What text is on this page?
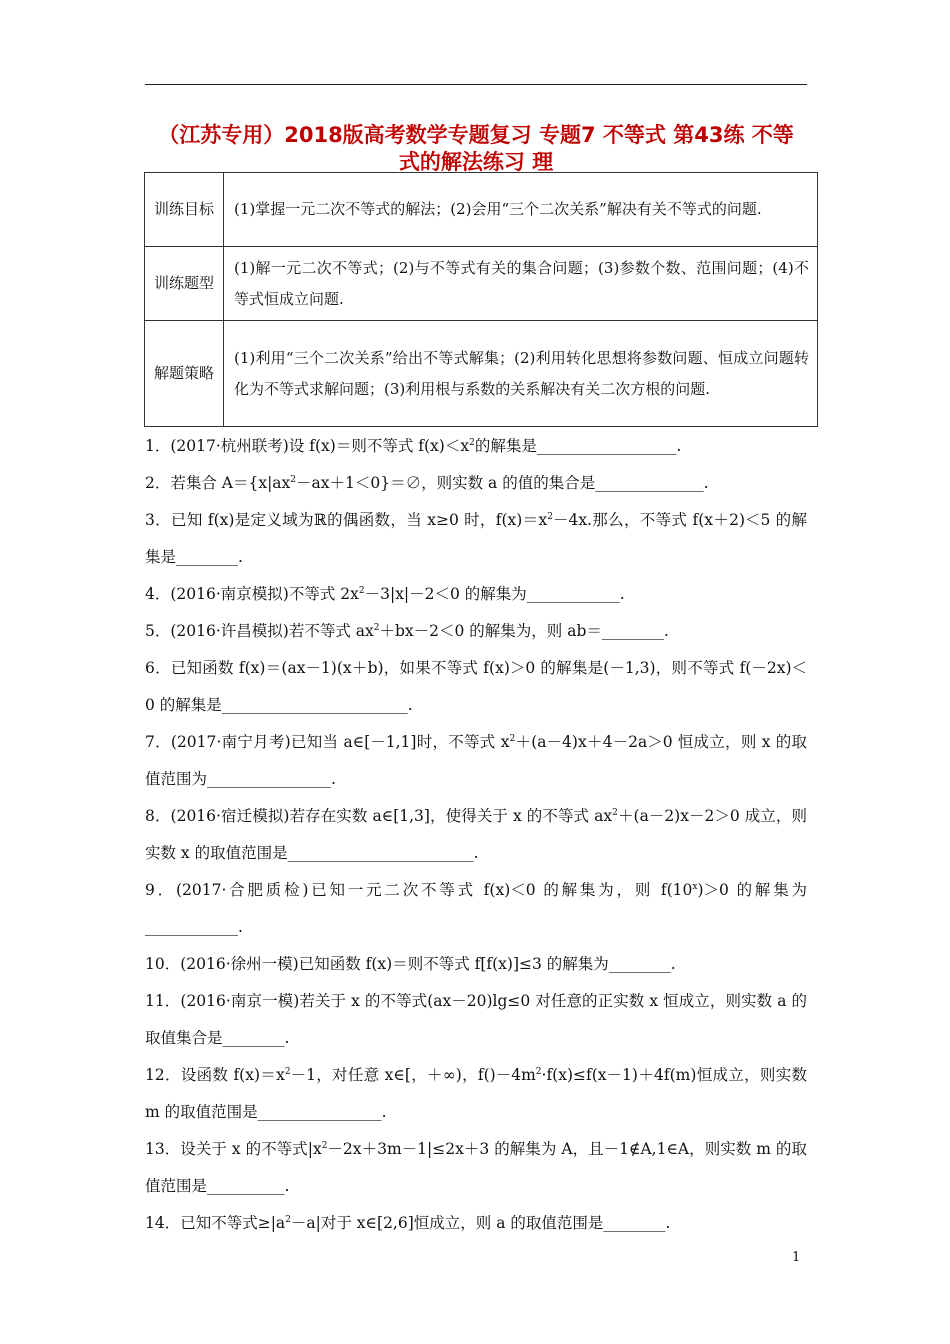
（江苏专用）2018版高考数学专题复习 专题7 不等式 第43练 不等
式的解法练习 理
训练目标	(1)掌握一元二次不等式的解法；(2)会用“三个二次关系”解决有关不等式的问题.
训练题型	(1)解一元二次不等式；(2)与不等式有关的集合问题；(3)参数个数、范围问题；(4)不等式恒成立问题.
解题策略	(1)利用“三个二次关系”给出不等式解集；(2)利用转化思想将参数问题、恒成立问题转化为不等式求解问题；(3)利用根与系数的关系解决有关二次方根的问题.

1．(2017·杭州联考)设 f(x)＝则不等式 $f(x)<x^2$的解集是__________________.

2．若集合 $A=\{x|ax^2-ax+1<0\}=\emptyset$，则实数 a 的值的集合是______________.

3．已知 f(x)是定义域为ℝ的偶函数，当 x≥0 时，$f(x)=x^2-4x$.那么，不等式 f(x＋2)＜5 的解集是________.

4．(2016·南京模拟)不等式 $2x^2-3|x|-2<0$ 的解集为____________.

5．(2016·许昌模拟)若不等式 $ax^2+bx-2<0$ 的解集为，则 ab＝________.

6．已知函数 f(x)＝(ax－1)(x＋b)，如果不等式 f(x)＞0 的解集是(－1,3)，则不等式 f(－2x)＜0 的解集是________________________.

7．(2017·南宁月考)已知当 a∈[－1,1]时，不等式 $x^2+(a-4)x+4-2a>0$ 恒成立，则 x 的取值范围为________________.

8．(2016·宿迁模拟)若存在实数 a∈[1,3]，使得关于 x 的不等式 $ax^2+(a-2)x-2>0$ 成立，则实数 x 的取值范围是________________________.

9．(2017·合肥质检)已知一元二次不等式 f(x)＜0 的解集为，则 $f(10^x)>0$ 的解集为____________.

10．(2016·徐州一模)已知函数 f(x)＝则不等式 f[f(x)]≤3 的解集为________.

11．(2016·南京一模)若关于 x 的不等式(ax－20)lg≤0 对任意的正实数 x 恒成立，则实数 a 的取值集合是________.

12．设函数 $f(x)=x^2-1$，对任意 x∈[，＋∞)，$f()-4m^2\cdot f(x)\le f(x-1)+4f(m)$恒成立，则实数 m 的取值范围是________________.

13．设关于 x 的不等式$|x^2-2x+3m-1|\le 2x+3$ 的解集为 A，且－1∉A,1∈A，则实数 m 的取值范围是__________.

14．已知不等式$\ge|a^2-a|$对于 x∈[2,6]恒成立，则 a 的取值范围是________.

1
